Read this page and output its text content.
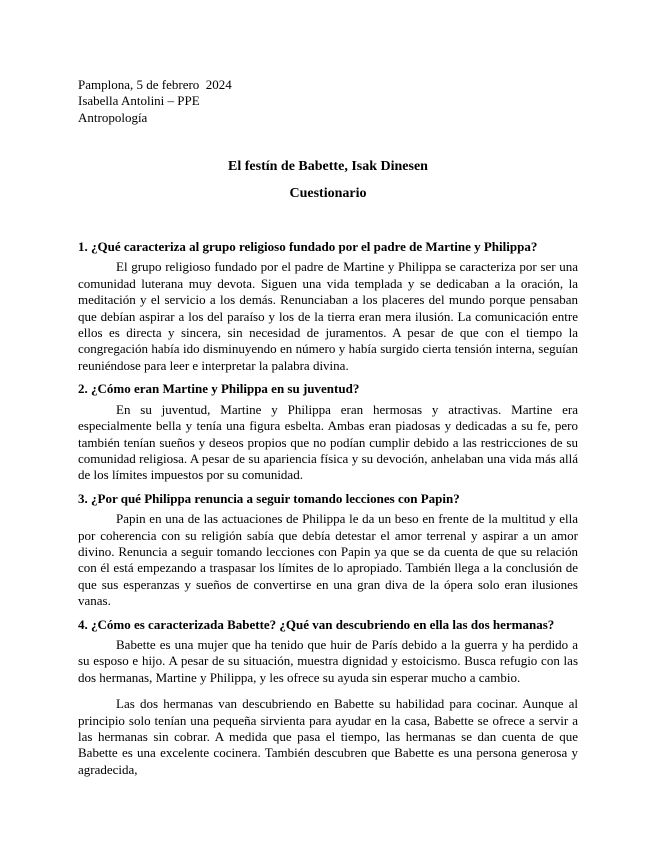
Pamplona, 5 de febrero  2024

Isabella Antolini – PPE

Antropología

El festín de Babette, Isak Dinesen

Cuestionario

1. ¿Qué caracteriza al grupo religioso fundado por el padre de Martine y Philippa?

El grupo religioso fundado por el padre de Martine y Philippa se caracteriza por ser una comunidad luterana muy devota. Siguen una vida templada y se dedicaban a la oración, la meditación y el servicio a los demás. Renunciaban a los placeres del mundo porque pensaban que debían aspirar a los del paraíso y los de la tierra eran mera ilusión. La comunicación entre ellos es directa y sincera, sin necesidad de juramentos. A pesar de que con el tiempo la congregación había ido disminuyendo en número y había surgido cierta tensión interna, seguían reuniéndose para leer e interpretar la palabra divina.

2. ¿Cómo eran Martine y Philippa en su juventud?

En su juventud, Martine y Philippa eran hermosas y atractivas. Martine era especialmente bella y tenía una figura esbelta. Ambas eran piadosas y dedicadas a su fe, pero también tenían sueños y deseos propios que no podían cumplir debido a las restricciones de su comunidad religiosa. A pesar de su apariencia física y su devoción, anhelaban una vida más allá de los límites impuestos por su comunidad.

3. ¿Por qué Philippa renuncia a seguir tomando lecciones con Papin?

Papin en una de las actuaciones de Philippa le da un beso en frente de la multitud y ella por coherencia con su religión sabía que debía detestar el amor terrenal y aspirar a un amor divino. Renuncia a seguir tomando lecciones con Papin ya que se da cuenta de que su relación con él está empezando a traspasar los límites de lo apropiado. También llega a la conclusión de que sus esperanzas y sueños de convertirse en una gran diva de la ópera solo eran ilusiones vanas.

4. ¿Cómo es caracterizada Babette? ¿Qué van descubriendo en ella las dos hermanas?

Babette es una mujer que ha tenido que huir de París debido a la guerra y ha perdido a su esposo e hijo. A pesar de su situación, muestra dignidad y estoicismo. Busca refugio con las dos hermanas, Martine y Philippa, y les ofrece su ayuda sin esperar mucho a cambio.

Las dos hermanas van descubriendo en Babette su habilidad para cocinar. Aunque al principio solo tenían una pequeña sirvienta para ayudar en la casa, Babette se ofrece a servir a las hermanas sin cobrar. A medida que pasa el tiempo, las hermanas se dan cuenta de que Babette es una excelente cocinera. También descubren que Babette es una persona generosa y agradecida,
